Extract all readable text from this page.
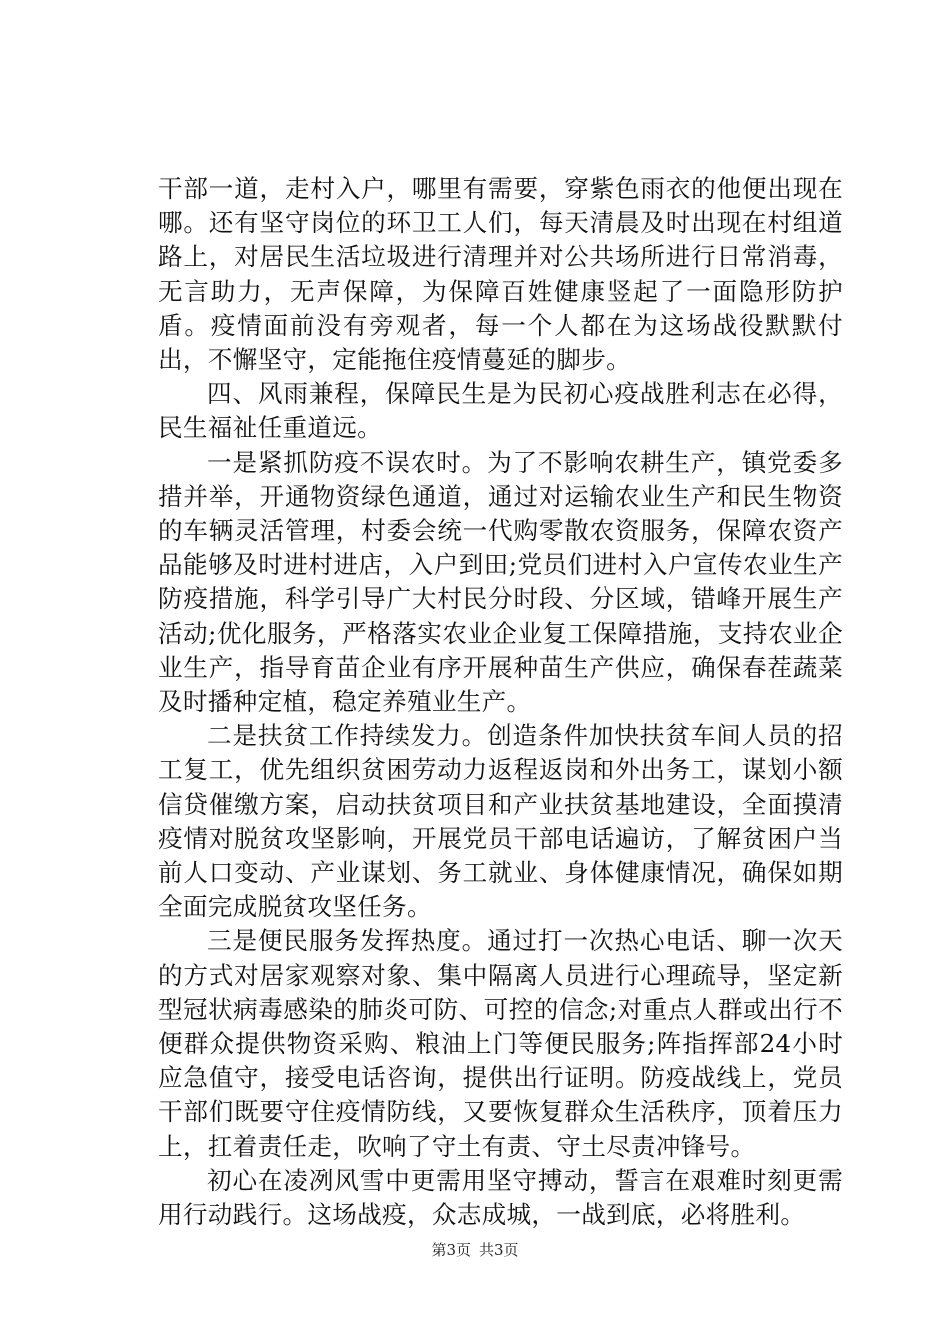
干部一道，走村入户，哪里有需要，穿紫色雨衣的他便出现在哪。还有坚守岗位的环卫工人们，每天清晨及时出现在村组道路上，对居民生活垃圾进行清理并对公共场所进行日常消毒，无言助力，无声保障，为保障百姓健康竖起了一面隐形防护盾。疫情面前没有旁观者，每一个人都在为这场战役默默付出，不懈坚守，定能拖住疫情蔓延的脚步。

四、风雨兼程，保障民生是为民初心疫战胜利志在必得，民生福祉任重道远。

一是紧抓防疫不误农时。为了不影响农耕生产，镇党委多措并举，开通物资绿色通道，通过对运输农业生产和民生物资的车辆灵活管理，村委会统一代购零散农资服务，保障农资产品能够及时进村进店，入户到田;党员们进村入户宣传农业生产防疫措施，科学引导广大村民分时段、分区域，错峰开展生产活动;优化服务，严格落实农业企业复工保障措施，支持农业企业生产，指导育苗企业有序开展种苗生产供应，确保春茬蔬菜及时播种定植，稳定养殖业生产。

二是扶贫工作持续发力。创造条件加快扶贫车间人员的招工复工，优先组织贫困劳动力返程返岗和外出务工，谋划小额信贷催缴方案，启动扶贫项目和产业扶贫基地建设，全面摸清疫情对脱贫攻坚影响，开展党员干部电话遍访，了解贫困户当前人口变动、产业谋划、务工就业、身体健康情况，确保如期全面完成脱贫攻坚任务。

三是便民服务发挥热度。通过打一次热心电话、聊一次天的方式对居家观察对象、集中隔离人员进行心理疏导，坚定新型冠状病毒感染的肺炎可防、可控的信念;对重点人群或出行不便群众提供物资采购、粮油上门等便民服务;阵指挥部24小时应急值守，接受电话咨询，提供出行证明。防疫战线上，党员干部们既要守住疫情防线，又要恢复群众生活秩序，顶着压力上，扛着责任走，吹响了守土有责、守土尽责冲锋号。

初心在凌冽风雪中更需用坚守搏动，誓言在艰难时刻更需用行动践行。这场战疫，众志成城，一战到底，必将胜利。

第3页 共3页
